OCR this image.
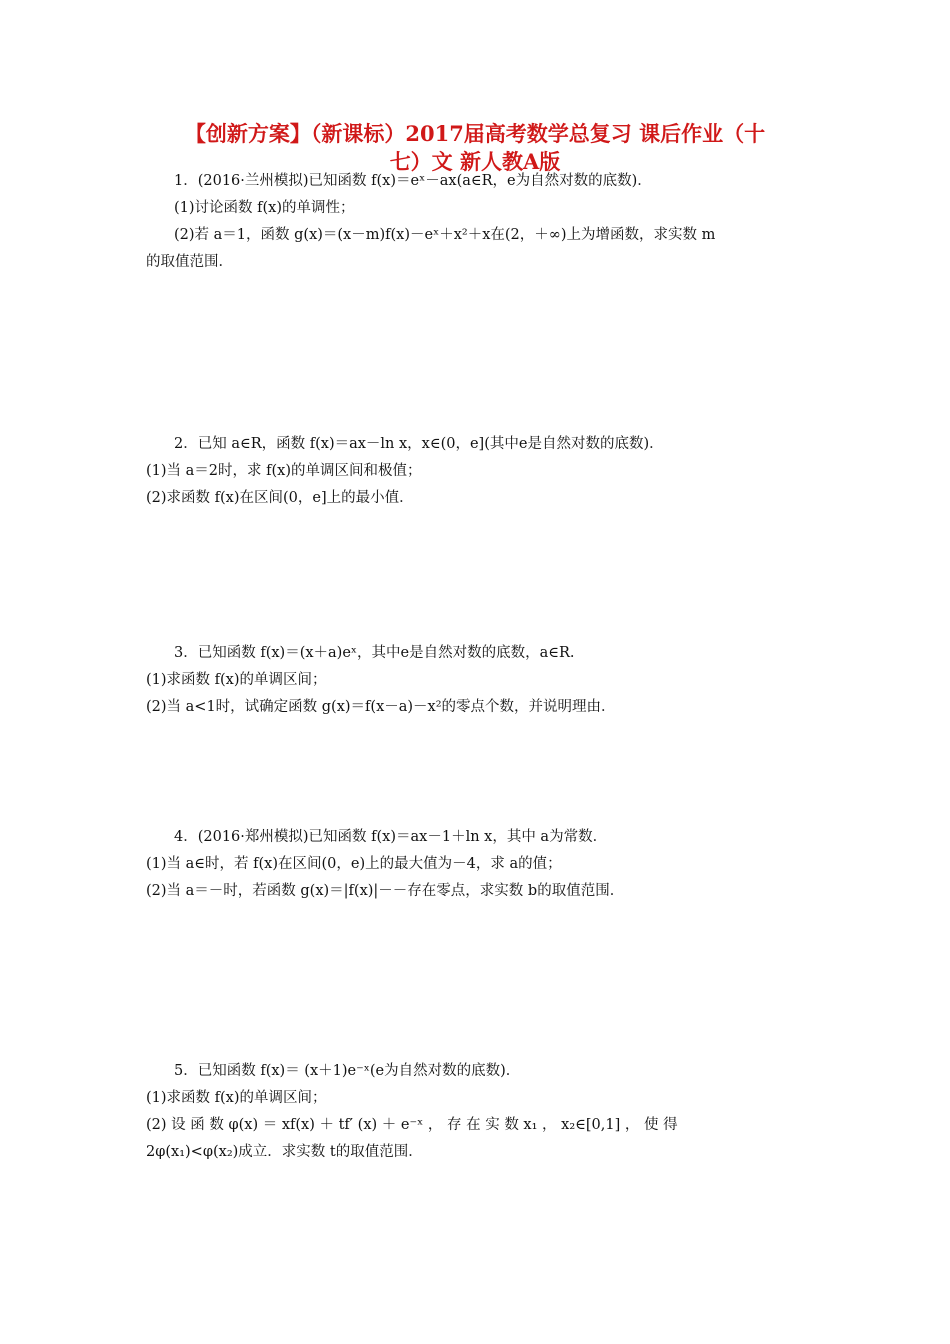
【创新方案】（新课标）2017届高考数学总复习 课后作业（十
七）文 新人教A版
1．(2016·兰州模拟)已知函数 f(x)＝eˣ－ax(a∈R，e为自然对数的底数)．
(1)讨论函数 f(x)的单调性；
(2)若 a＝1，函数 g(x)＝(x－m)f(x)－eˣ＋x²＋x在(2，＋∞)上为增函数，求实数 m
的取值范围．
2．已知 a∈R，函数 f(x)＝ax－ln x，x∈(0，e](其中e是自然对数的底数)．
(1)当 a＝2时，求 f(x)的单调区间和极值；
(2)求函数 f(x)在区间(0，e]上的最小值．
3．已知函数 f(x)＝(x＋a)eˣ，其中e是自然对数的底数，a∈R.
(1)求函数 f(x)的单调区间；
(2)当 a<1时，试确定函数 g(x)＝f(x－a)－x²的零点个数，并说明理由．
4．(2016·郑州模拟)已知函数 f(x)＝ax－1＋ln x，其中 a为常数．
(1)当 a∈时，若 f(x)在区间(0，e)上的最大值为－4，求 a的值；
(2)当 a＝－时，若函数 g(x)＝|f(x)|－－存在零点，求实数 b的取值范围．
5．已知函数 f(x)＝ (x＋1)e⁻ˣ(e为自然对数的底数)．
(1)求函数 f(x)的单调区间；
(2) 设 函 数 φ(x) ＝ xf(x) ＋ tf′ (x) ＋ e⁻ˣ ， 存 在 实 数 x₁ ， x₂∈[0,1] ， 使 得
2φ(x₁)<φ(x₂)成立．求实数 t的取值范围．
